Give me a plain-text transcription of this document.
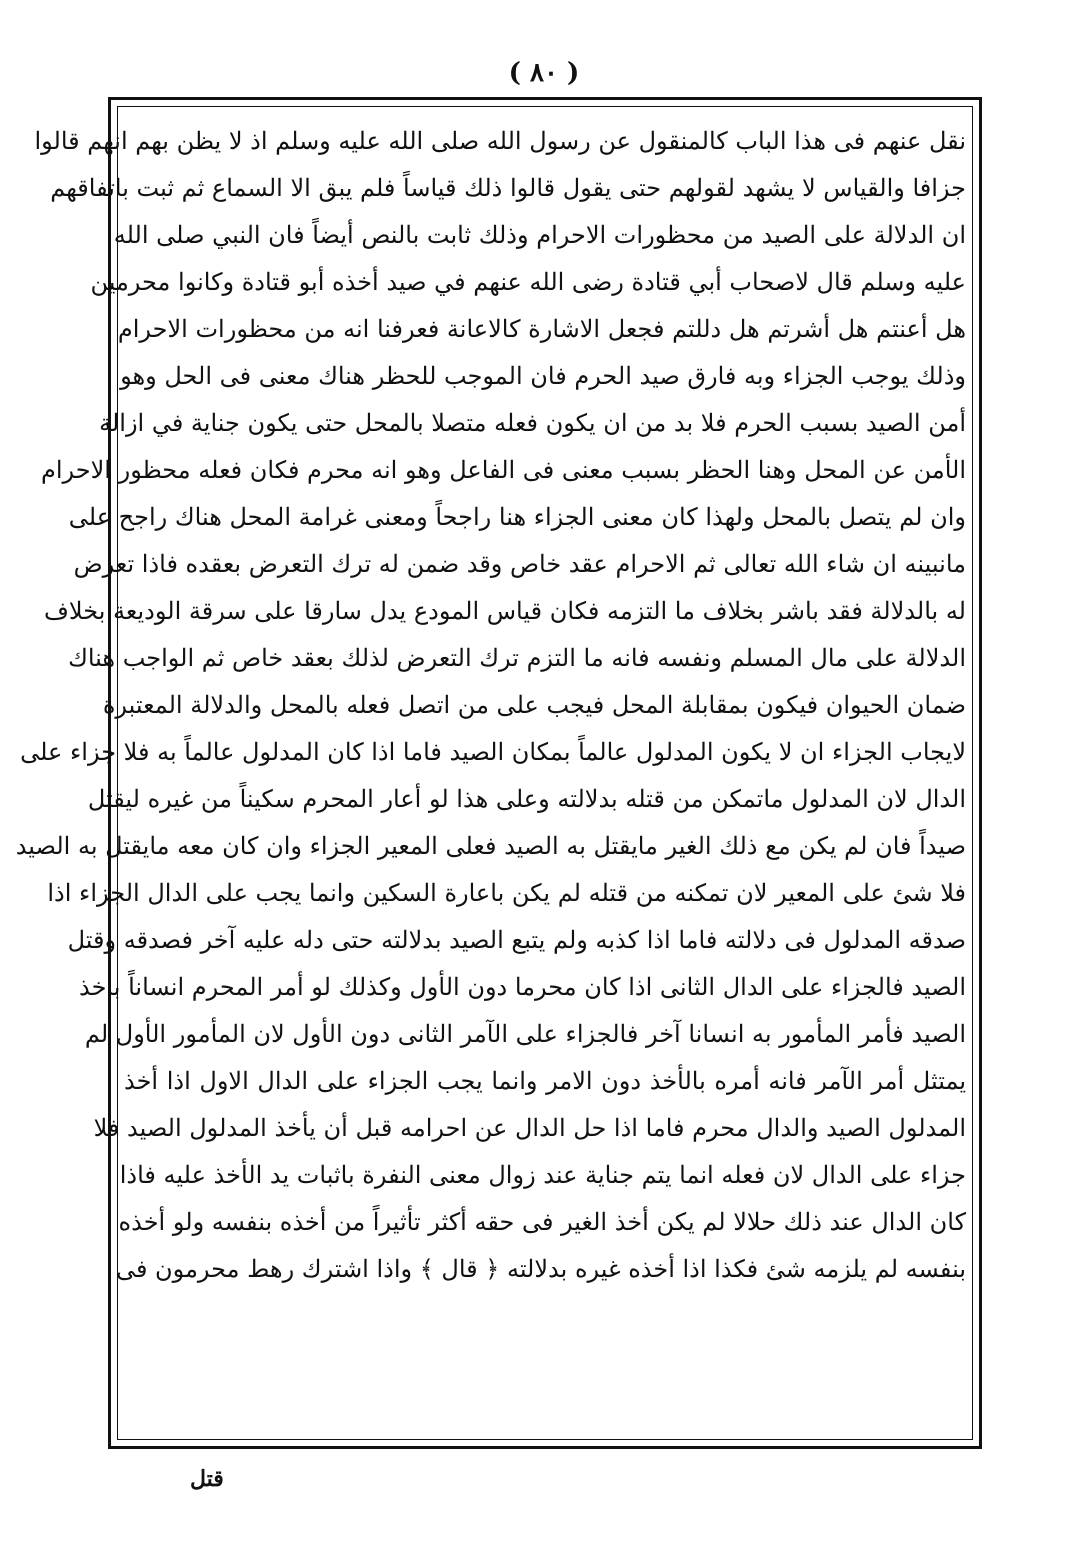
( ٨٠ )
نقل عنهم فى هذا الباب كالمنقول عن رسول الله صلى الله عليه وسلم اذ لا يظن بهم انهم قالوا
جزافا والقياس لا يشهد لقولهم حتى يقول قالوا ذلك قياساً فلم يبق الا السماع ثم ثبت باتفاقهم
ان الدلالة على الصيد من محظورات الاحرام وذلك ثابت بالنص أيضاً فان النبي صلى الله
عليه وسلم قال لاصحاب أبي قتادة رضى الله عنهم في صيد أخذه أبو قتادة وكانوا محرمين
هل أعنتم هل أشرتم هل دللتم فجعل الاشارة كالاعانة فعرفنا انه من محظورات الاحرام
وذلك يوجب الجزاء وبه فارق صيد الحرم فان الموجب للحظر هناك معنى فى الحل وهو
أمن الصيد بسبب الحرم فلا بد من ان يكون فعله متصلا بالمحل حتى يكون جناية في ازالة
الأمن عن المحل وهنا الحظر بسبب معنى فى الفاعل وهو انه محرم فكان فعله محظور الاحرام
وان لم يتصل بالمحل ولهذا كان معنى الجزاء هنا راجحاً ومعنى غرامة المحل هناك راجح على
مانبينه ان شاء الله تعالى ثم الاحرام عقد خاص وقد ضمن له ترك التعرض بعقده فاذا تعرض
له بالدلالة فقد باشر بخلاف ما التزمه فكان قياس المودع يدل سارقا على سرقة الوديعة بخلاف
الدلالة على مال المسلم ونفسه فانه ما التزم ترك التعرض لذلك بعقد خاص ثم الواجب هناك
ضمان الحيوان فيكون بمقابلة المحل فيجب على من اتصل فعله بالمحل والدلالة المعتبرة
لايجاب الجزاء ان لا يكون المدلول عالماً بمكان الصيد فاما اذا كان المدلول عالماً به فلا جزاء على
الدال لان المدلول ماتمكن من قتله بدلالته وعلى هذا لو أعار المحرم سكيناً من غيره ليقتل
صيداً فان لم يكن مع ذلك الغير مايقتل به الصيد فعلى المعير الجزاء وان كان معه مايقتل به الصيد
فلا شئ على المعير لان تمكنه من قتله لم يكن باعارة السكين وانما يجب على الدال الجزاء اذا
صدقه المدلول فى دلالته فاما اذا كذبه ولم يتبع الصيد بدلالته حتى دله عليه آخر فصدقه وقتل
الصيد فالجزاء على الدال الثانى اذا كان محرما دون الأول وكذلك لو أمر المحرم انساناً باخذ
الصيد فأمر المأمور به انسانا آخر فالجزاء على الآمر الثانى دون الأول لان المأمور الأول لم
يمتثل أمر الآمر فانه أمره بالأخذ دون الامر وانما يجب الجزاء على الدال الاول اذا أخذ
المدلول الصيد والدال محرم فاما اذا حل الدال عن احرامه قبل أن يأخذ المدلول الصيد فلا
جزاء على الدال لان فعله انما يتم جناية عند زوال معنى النفرة باثبات يد الأخذ عليه فاذا
كان الدال عند ذلك حلالا لم يكن أخذ الغير فى حقه أكثر تأثيراً من أخذه بنفسه ولو أخذه
بنفسه لم يلزمه شئ فكذا اذا أخذه غيره بدلالته ﴿ قال ﴾ واذا اشترك رهط محرمون فى
قتل
